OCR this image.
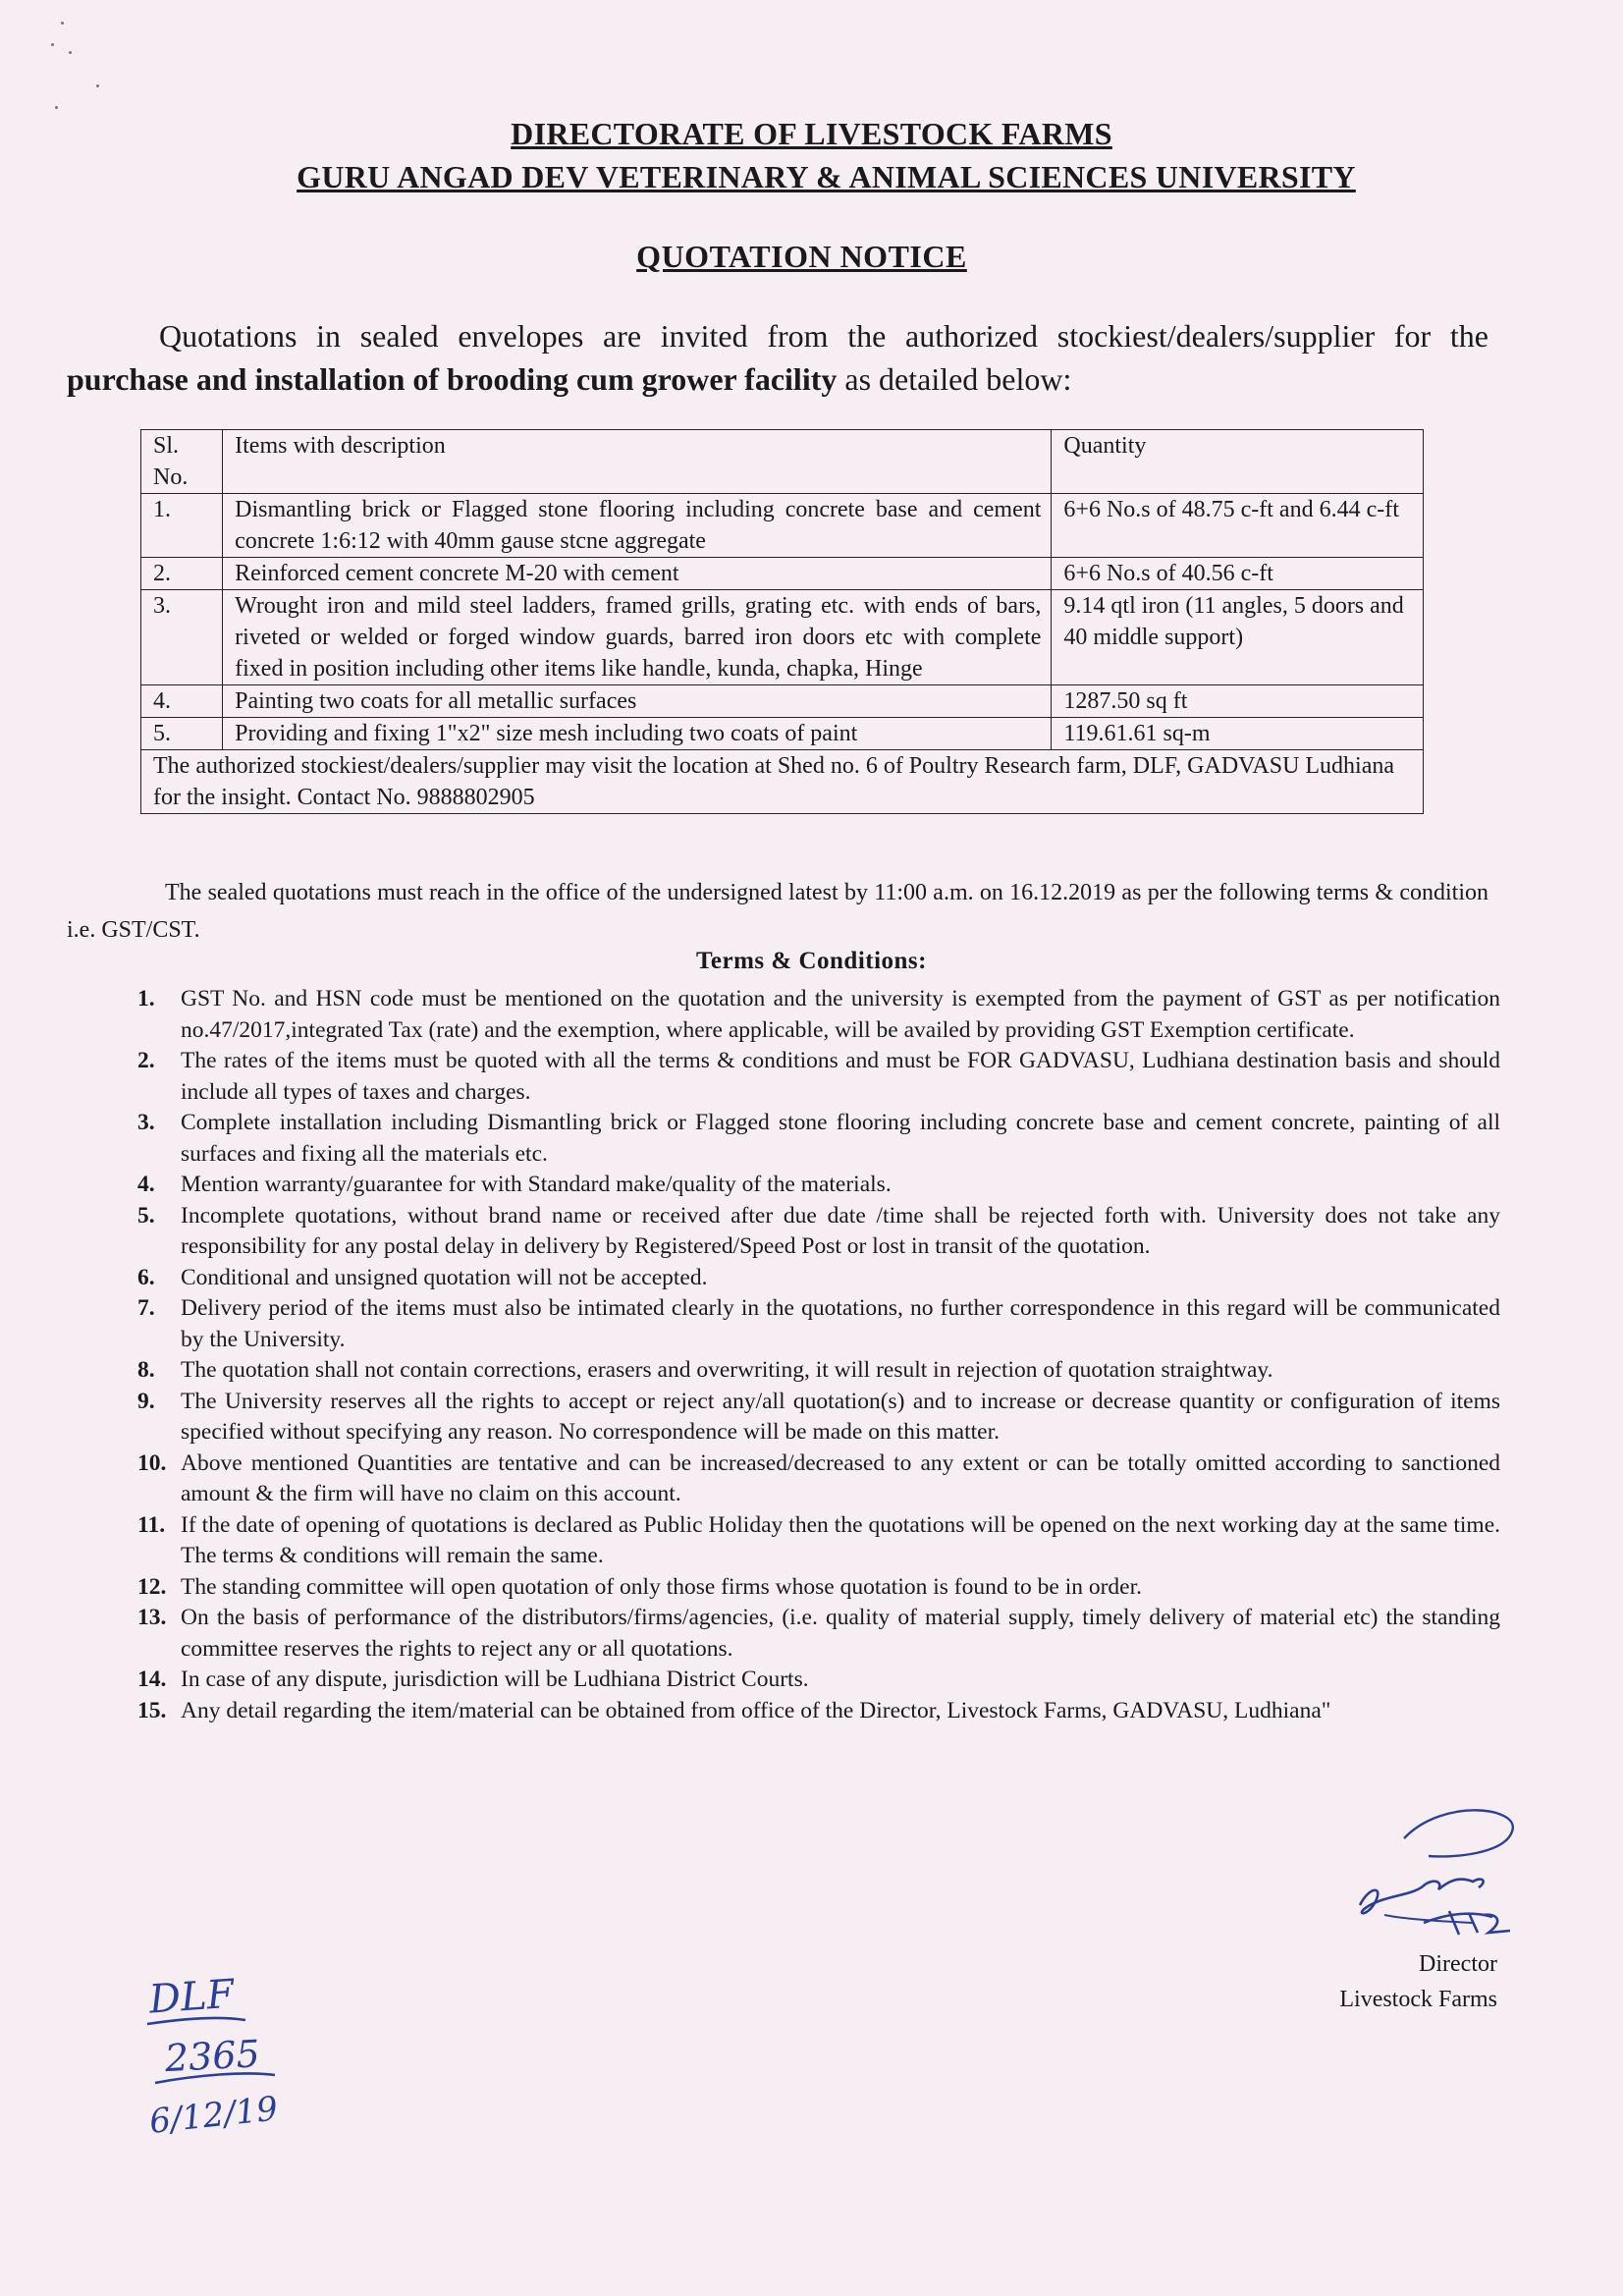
DIRECTORATE OF LIVESTOCK FARMS
GURU ANGAD DEV VETERINARY & ANIMAL SCIENCES UNIVERSITY
QUOTATION NOTICE
Quotations in sealed envelopes are invited from the authorized stockiest/dealers/supplier for the purchase and installation of brooding cum grower facility as detailed below:
Sl. No.	Items with description	Quantity
1.	Dismantling brick or Flagged stone flooring including concrete base and cement concrete 1:6:12 with 40mm gause stcne aggregate	6+6 No.s of 48.75 c-ft and 6.44 c-ft
2.	Reinforced cement concrete M-20 with cement	6+6 No.s of 40.56 c-ft
3.	Wrought iron and mild steel ladders, framed grills, grating etc. with ends of bars, riveted or welded or forged window guards, barred iron doors etc with complete fixed in position including other items like handle, kunda, chapka, Hinge	9.14 qtl iron (11 angles, 5 doors and 40 middle support)
4.	Painting two coats for all metallic surfaces	1287.50 sq ft
5.	Providing and fixing 1"x2" size mesh including two coats of paint	119.61.61 sq-m
The authorized stockiest/dealers/supplier may visit the location at Shed no. 6 of Poultry Research farm, DLF, GADVASU Ludhiana for the insight. Contact No. 9888802905		
The sealed quotations must reach in the office of the undersigned latest by 11:00 a.m. on 16.12.2019 as per the following terms & condition i.e. GST/CST.
Terms & Conditions:
1. GST No. and HSN code must be mentioned on the quotation and the university is exempted from the payment of GST as per notification no.47/2017,integrated Tax (rate) and the exemption, where applicable, will be availed by providing GST Exemption certificate.
2. The rates of the items must be quoted with all the terms & conditions and must be FOR GADVASU, Ludhiana destination basis and should include all types of taxes and charges.
3. Complete installation including Dismantling brick or Flagged stone flooring including concrete base and cement concrete, painting of all surfaces and fixing all the materials etc.
4. Mention warranty/guarantee for with Standard make/quality of the materials.
5. Incomplete quotations, without brand name or received after due date /time shall be rejected forth with. University does not take any responsibility for any postal delay in delivery by Registered/Speed Post or lost in transit of the quotation.
6. Conditional and unsigned quotation will not be accepted.
7. Delivery period of the items must also be intimated clearly in the quotations, no further correspondence in this regard will be communicated by the University.
8. The quotation shall not contain corrections, erasers and overwriting, it will result in rejection of quotation straightway.
9. The University reserves all the rights to accept or reject any/all quotation(s) and to increase or decrease quantity or configuration of items specified without specifying any reason. No correspondence will be made on this matter.
10. Above mentioned Quantities are tentative and can be increased/decreased to any extent or can be totally omitted according to sanctioned amount & the firm will have no claim on this account.
11. If the date of opening of quotations is declared as Public Holiday then the quotations will be opened on the next working day at the same time. The terms & conditions will remain the same.
12. The standing committee will open quotation of only those firms whose quotation is found to be in order.
13. On the basis of performance of the distributors/firms/agencies, (i.e. quality of material supply, timely delivery of material etc) the standing committee reserves the rights to reject any or all quotations.
14. In case of any dispute, jurisdiction will be Ludhiana District Courts.
15. Any detail regarding the item/material can be obtained from office of the Director, Livestock Farms, GADVASU, Ludhiana"
Director
Livestock Farms
DLF
2365
6/12/19
